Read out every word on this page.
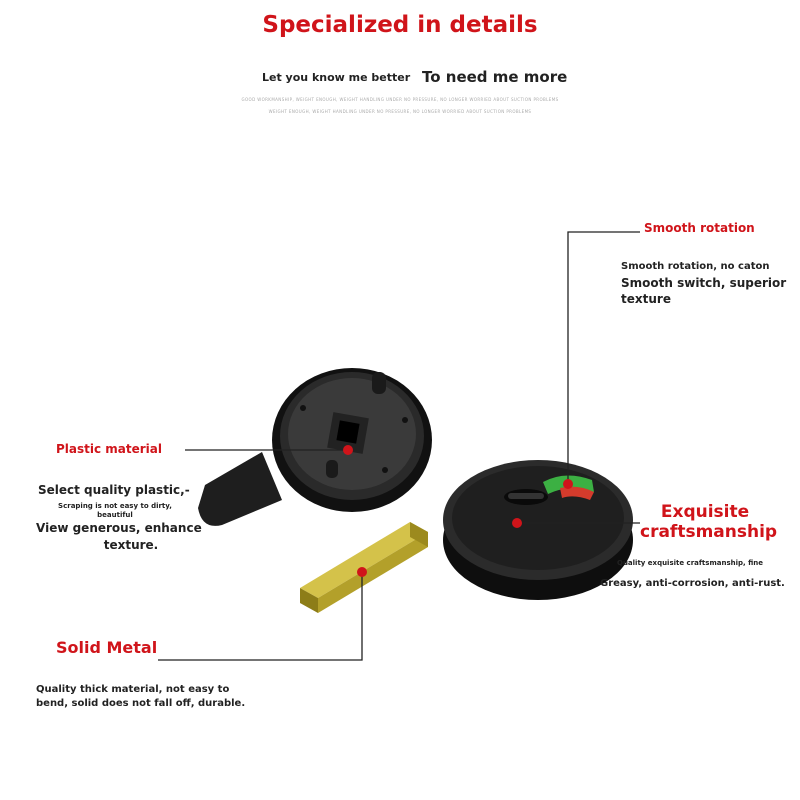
Specialized in details
Let you know me better To need me more
GOOD WORKMANSHIP, WEIGHT ENOUGH, WEIGHT HANDLING UNDER NO PRESSURE, NO LONGER WORRIED ABOUT SUCTION PROBLEMS
WEIGHT ENOUGH, WEIGHT HANDLING UNDER NO PRESSURE, NO LONGER WORRIED ABOUT SUCTION PROBLEMS
Smooth rotation
Smooth rotation, no caton
Smooth switch, superior
texture
Plastic material
Select quality plastic,-
Scraping is not easy to dirty,
beautiful
View generous, enhance
texture.
Exquisite
craftsmanship
Quality exquisite craftsmanship, fine
Greasy, anti-corrosion, anti-rust.
Solid Metal
Quality thick material, not easy to
bend, solid does not fall off, durable.
